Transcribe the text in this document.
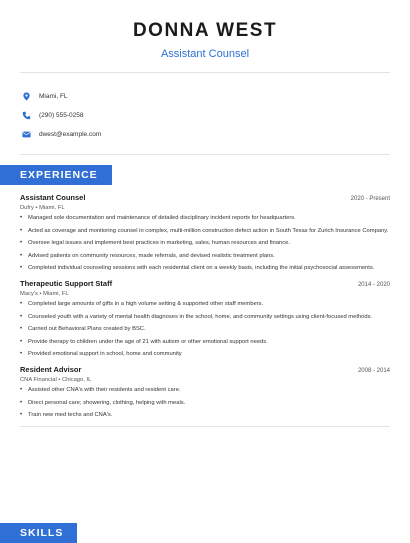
DONNA WEST
Assistant Counsel
Miami, FL
(290) 555-0258
dwest@example.com
EXPERIENCE
Assistant Counsel	2020 - Present
Dufry • Miami, FL
• Managed sole documentation and maintenance of detailed disciplinary incident reports for headquarters.
• Acted as coverage and monitoring counsel in complex, multi-million construction defect action in South Texas for Zurich Insurance Company.
• Oversee legal issues and implement best practices in marketing, sales, human resources and finance.
• Advised patients on community resources, made referrals, and devised realistic treatment plans.
• Completed individual counseling sessions with each residential client on a weekly basis, including the initial psychosocial assessments.
Therapeutic Support Staff	2014 - 2020
Macy's • Miami, FL
• Completed large amounts of gifts in a high volume setting & supported other staff members.
• Counseled youth with a variety of mental health diagnoses in the school, home, and community settings using client-focused methods.
• Carried out Behavioral Plans created by BSC.
• Provide therapy to children under the age of 21 with autism or other emotional support needs.
• Provided emotional support in school, home and community
Resident Advisor	2008 - 2014
CNA Financial • Chicago, IL
• Assisted other CNA's with their residents and resident care.
• Direct personal care; showering, clothing, helping with meals.
• Train new med techs and CNA's.
SKILLS
